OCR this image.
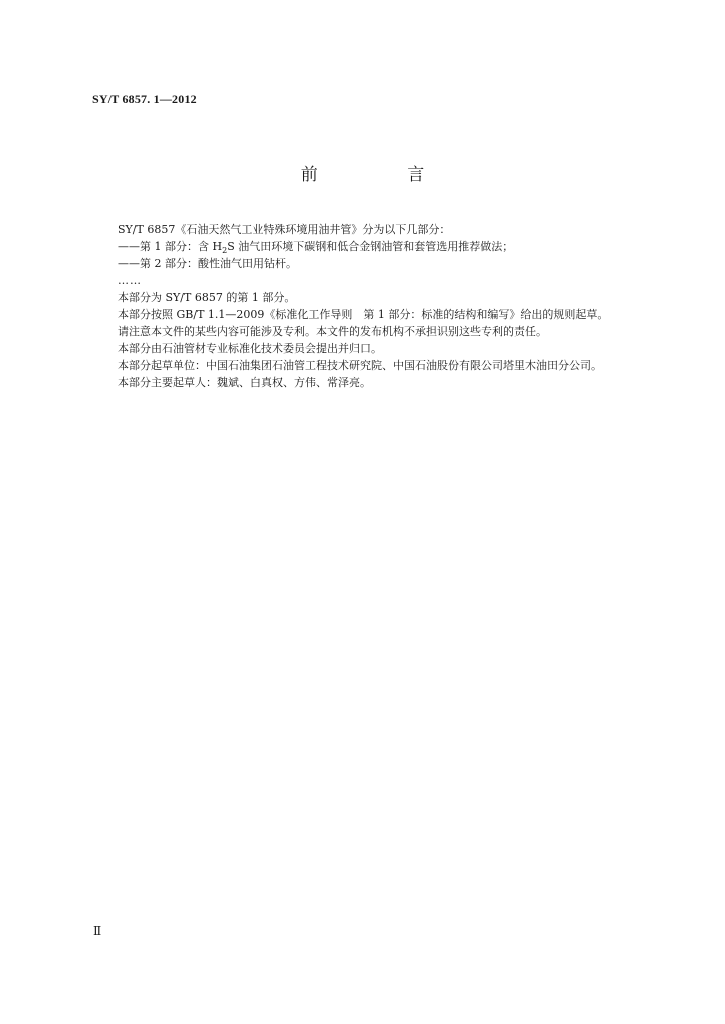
SY/T 6857. 1—2012
前 言

SY/T 6857《石油天然气工业特殊环境用油井管》分为以下几部分：

——第 1 部分：含 $H_2S$ 油气田环境下碳钢和低合金钢油管和套管选用推荐做法；

——第 2 部分：酸性油气田用钻杆。

……

本部分为 SY/T 6857 的第 1 部分。

本部分按照 GB/T 1.1—2009《标准化工作导则　第 1 部分：标准的结构和编写》给出的规则起草。

请注意本文件的某些内容可能涉及专利。本文件的发布机构不承担识别这些专利的责任。

本部分由石油管材专业标准化技术委员会提出并归口。

本部分起草单位：中国石油集团石油管工程技术研究院、中国石油股份有限公司塔里木油田分公司。

本部分主要起草人：魏斌、白真权、方伟、常泽亮。

Ⅱ
